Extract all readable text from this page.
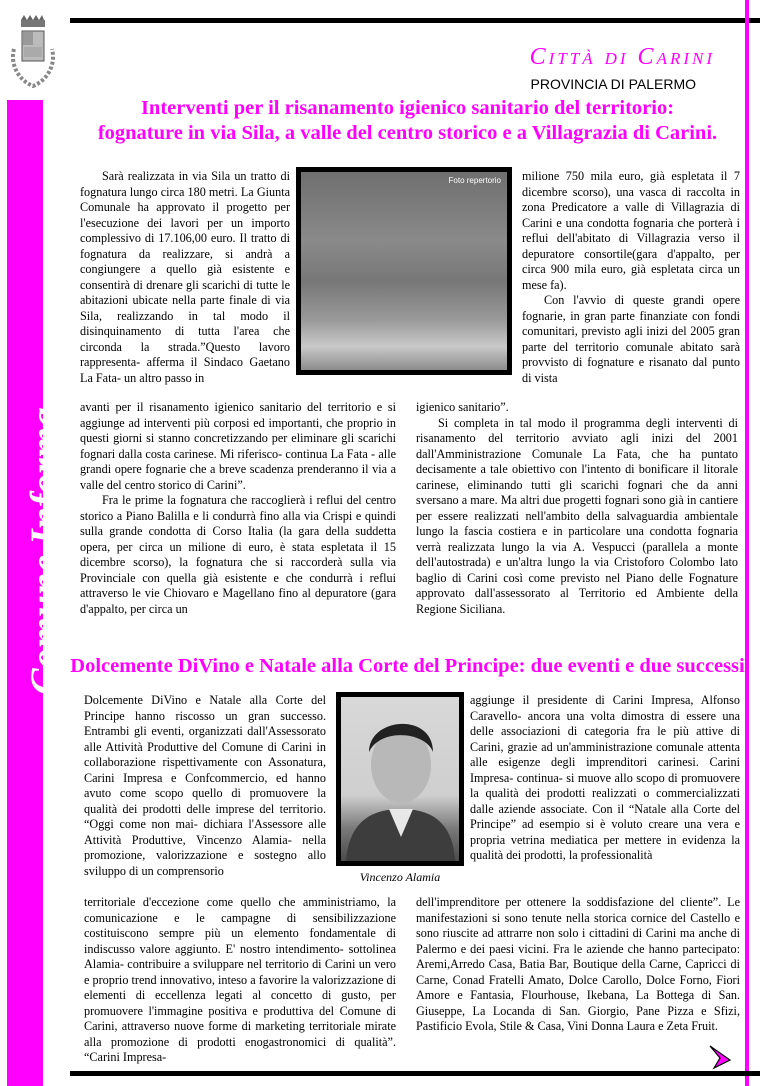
Comune Informa
Città di Carini
PROVINCIA DI PALERMO
Interventi per il risanamento igienico sanitario del territorio:
fognature in via Sila, a valle del centro storico e a Villagrazia di Carini.

Sarà realizzata in via Sila un tratto di fognatura lungo circa 180 metri. La Giunta Comunale ha approvato il progetto per l'esecuzione dei lavori per un importo complessivo di 17.106,00 euro. Il tratto di fognatura da realizzare, si andrà a congiungere a quello già esistente e consentirà di drenare gli scarichi di tutte le abitazioni ubicate nella parte finale di via Sila, realizzando in tal modo il disinquinamento di tutta l'area che circonda la strada.”Questo lavoro rappresenta- afferma il Sindaco Gaetano La Fata- un altro passo in

Foto repertorio

avanti per il risanamento igienico sanitario del territorio e si aggiunge ad interventi più corposi ed importanti, che proprio in questi giorni si stanno concretizzando per eliminare gli scarichi fognari dalla costa carinese. Mi riferisco- continua La Fata - alle grandi opere fognarie che a breve scadenza prenderanno il via a valle del centro storico di Carini”.

Fra le prime la fognatura che raccoglierà i reflui del centro storico a Piano Balilla e li condurrà fino alla via Crispi e quindi sulla grande condotta di Corso Italia (la gara della suddetta opera, per circa un milione di euro, è stata espletata il 15 dicembre scorso), la fognatura che si raccorderà sulla via Provinciale con quella già esistente e che condurrà i reflui attraverso le vie Chiovaro e Magellano fino al depuratore (gara d'appalto, per circa un

milione 750 mila euro, già espletata il 7 dicembre scorso), una vasca di raccolta in zona Predicatore a valle di Villagrazia di Carini e una condotta fognaria che porterà i reflui dell'abitato di Villagrazia verso il depuratore consortile(gara d'appalto, per circa 900 mila euro, già espletata circa un mese fa).

Con l'avvio di queste grandi opere fognarie, in gran parte finanziate con fondi comunitari, previsto agli inizi del 2005 gran parte del territorio comunale abitato sarà provvisto di fognature e risanato dal punto di vista

igienico sanitario”.

Si completa in tal modo il programma degli interventi di risanamento del territorio avviato agli inizi del 2001 dall'Amministrazione Comunale La Fata, che ha puntato decisamente a tale obiettivo con l'intento di bonificare il litorale carinese, eliminando tutti gli scarichi fognari che da anni sversano a mare. Ma altri due progetti fognari sono già in cantiere per essere realizzati nell'ambito della salvaguardia ambientale lungo la fascia costiera e in particolare una condotta fognaria verrà realizzata lungo la via A. Vespucci (parallela a monte dell'autostrada) e un'altra lungo la via Cristoforo Colombo lato baglio di Carini così come previsto nel Piano delle Fognature approvato dall'assessorato al Territorio ed Ambiente della Regione Siciliana.

Dolcemente DiVino e Natale alla Corte del Principe: due eventi e due successi

Dolcemente DiVino e Natale alla Corte del Principe hanno riscosso un gran successo. Entrambi gli eventi, organizzati dall'Assessorato alle Attività Produttive del Comune di Carini in collaborazione rispettivamente con Assonatura, Carini Impresa e Confcommercio, ed hanno avuto come scopo quello di promuovere la qualità dei prodotti delle imprese del territorio. “Oggi come non mai- dichiara l'Assessore alle Attività Produttive, Vincenzo Alamia- nella promozione, valorizzazione e sostegno allo sviluppo di un comprensorio	Vincenzo Alamia

territoriale d'eccezione come quello che amministriamo, la comunicazione e le campagne di sensibilizzazione costituiscono sempre più un elemento fondamentale di indiscusso valore aggiunto. E' nostro intendimento- sottolinea Alamia- contribuire a sviluppare nel territorio di Carini un vero e proprio trend innovativo, inteso a favorire la valorizzazione di elementi di eccellenza legati al concetto di gusto, per promuovere l'immagine positiva e produttiva del Comune di Carini, attraverso nuove forme di marketing territoriale mirate alla promozione di prodotti enogastronomici di qualità”. “Carini Impresa-

aggiunge il presidente di Carini Impresa, Alfonso Caravello- ancora una volta dimostra di essere una delle associazioni di categoria fra le più attive di Carini, grazie ad un'amministrazione comunale attenta alle esigenze degli imprenditori carinesi. Carini Impresa- continua- si muove allo scopo di promuovere la qualità dei prodotti realizzati o commercializzati dalle aziende associate. Con il “Natale alla Corte del Principe” ad esempio si è voluto creare una vera e propria vetrina mediatica per mettere in evidenza la qualità dei prodotti, la professionalità

dell'imprenditore per ottenere la soddisfazione del cliente”. Le manifestazioni si sono tenute nella storica cornice del Castello e sono riuscite ad attrarre non solo i cittadini di Carini ma anche di Palermo e dei paesi vicini. Fra le aziende che hanno partecipato: Aremi,Arredo Casa, Batia Bar, Boutique della Carne, Capricci di Carne, Conad Fratelli Amato, Dolce Carollo, Dolce Forno, Fiori Amore e Fantasia, Flourhouse, Ikebana, La Bottega di San. Giuseppe, La Locanda di San. Giorgio, Pane Pizza e Sfizi, Pastificio Evola, Stile & Casa, Vini Donna Laura e Zeta Fruit.
